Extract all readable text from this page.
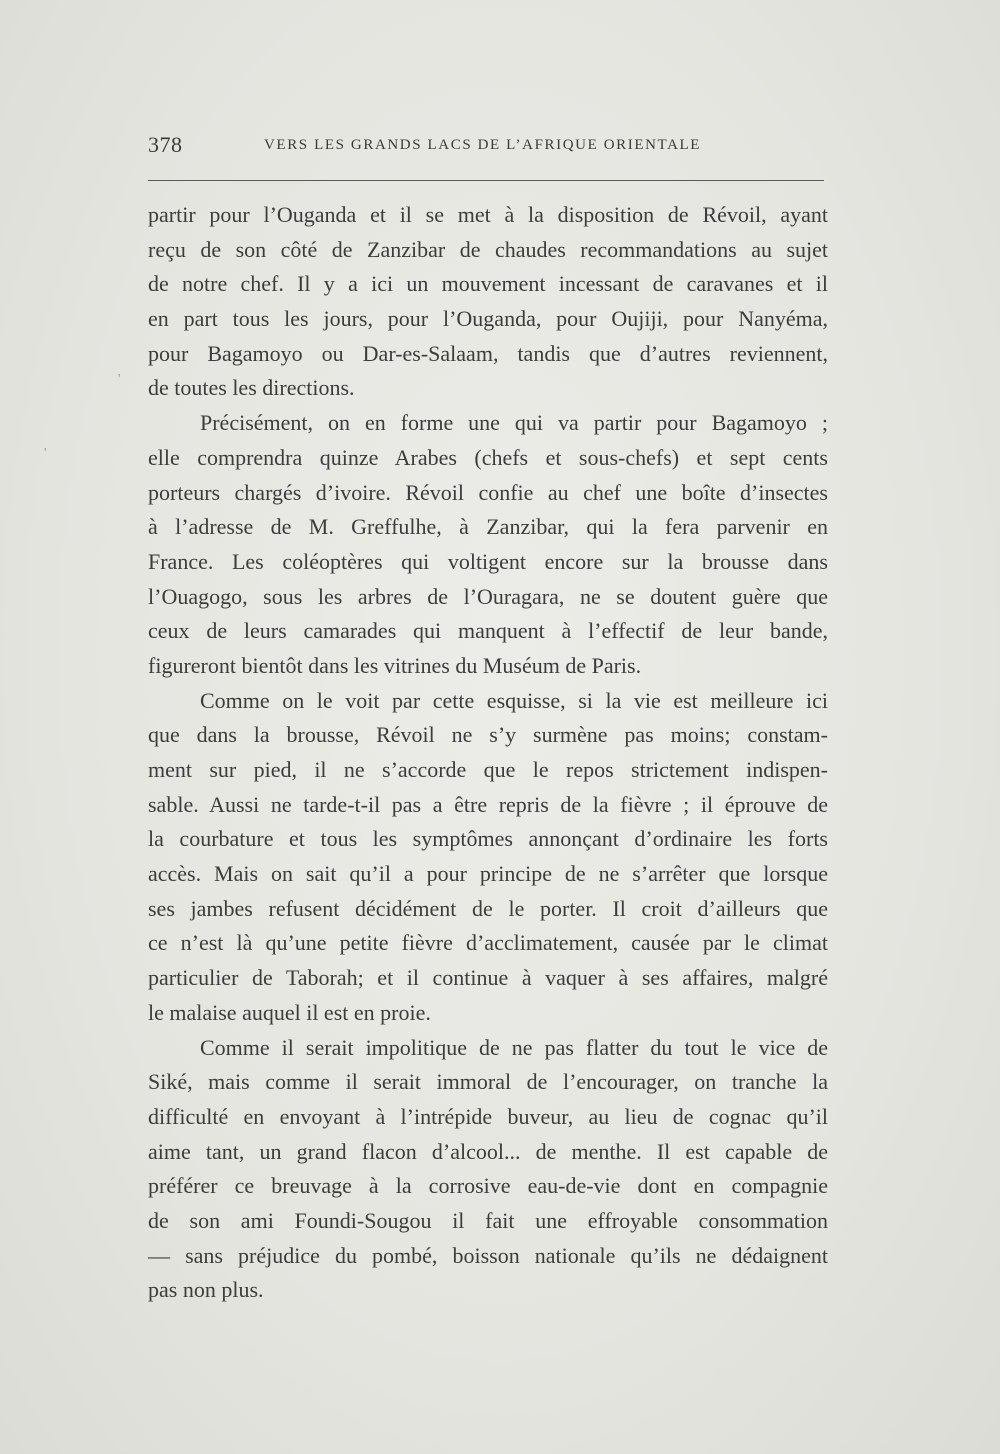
378	VERS LES GRANDS LACS DE L’AFRIQUE ORIENTALE
partir pour l’Ouganda et il se met à la disposition de Révoil, ayant
reçu de son côté de Zanzibar de chaudes recommandations au sujet
de notre chef. Il y a ici un mouvement incessant de caravanes et il
en part tous les jours, pour l’Ouganda, pour Oujiji, pour Nanyéma,
pour Bagamoyo ou Dar-es-Salaam, tandis que d’autres reviennent,
de toutes les directions.
Précisément, on en forme une qui va partir pour Bagamoyo ;
elle comprendra quinze Arabes (chefs et sous-chefs) et sept cents
porteurs chargés d’ivoire. Révoil confie au chef une boîte d’insectes
à l’adresse de M. Greffulhe, à Zanzibar, qui la fera parvenir en
France. Les coléoptères qui voltigent encore sur la brousse dans
l’Ouagogo, sous les arbres de l’Ouragara, ne se doutent guère que
ceux de leurs camarades qui manquent à l’effectif de leur bande,
figureront bientôt dans les vitrines du Muséum de Paris.
Comme on le voit par cette esquisse, si la vie est meilleure ici
que dans la brousse, Révoil ne s’y surmène pas moins; constam-
ment sur pied, il ne s’accorde que le repos strictement indispen-
sable. Aussi ne tarde-t-il pas a être repris de la fièvre ; il éprouve de
la courbature et tous les symptômes annonçant d’ordinaire les forts
accès. Mais on sait qu’il a pour principe de ne s’arrêter que lorsque
ses jambes refusent décidément de le porter. Il croit d’ailleurs que
ce n’est là qu’une petite fièvre d’acclimatement, causée par le climat
particulier de Taborah; et il continue à vaquer à ses affaires, malgré
le malaise auquel il est en proie.
Comme il serait impolitique de ne pas flatter du tout le vice de
Siké, mais comme il serait immoral de l’encourager, on tranche la
difficulté en envoyant à l’intrépide buveur, au lieu de cognac qu’il
aime tant, un grand flacon d’alcool... de menthe. Il est capable de
préférer ce breuvage à la corrosive eau-de-vie dont en compagnie
de son ami Foundi-Sougou il fait une effroyable consommation
— sans préjudice du pombé, boisson nationale qu’ils ne dédaignent
pas non plus.
'
'
